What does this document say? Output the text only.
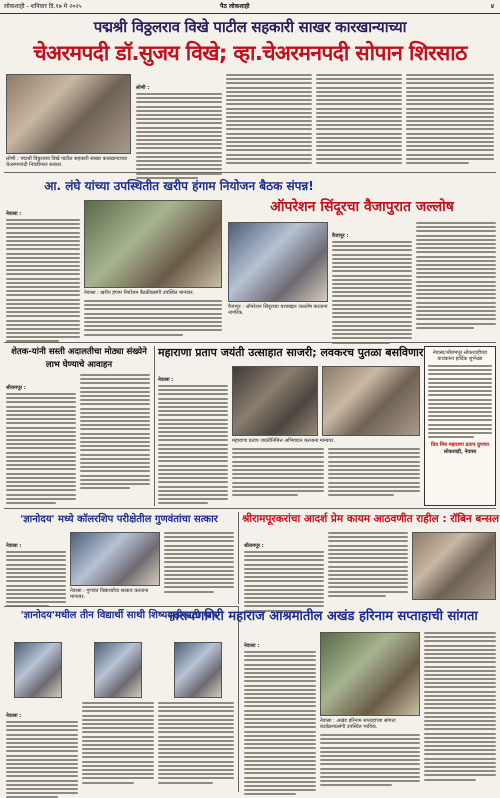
लोकशाही - शनिवार दि.१७ मे २०२५	पैठ लोकशाही	४
पद्मश्री विठ्ठलराव विखे पाटील सहकारी साखर कारखान्याच्या
चेअरमपदी डॉ.सुजय विखे; व्हा.चेअरमनपदी सोपान शिरसाठ
लोणी : पद्मश्री विठ्ठलराव विखे पाटील सहकारी साखर कारखान्याच्या चेअरमनपदी निवडीनंतर सत्कार.
लोणी :
आ. लंघे यांच्या उपस्थितीत खरीप हंगाम नियोजन बैठक संपन्न!
नेवासा :
नेवासा : खरीप हंगाम नियोजन बैठकीप्रसंगी उपस्थित मान्यवर.
ऑपरेशन सिंदूरचा वैजापुरात जल्लोष
वैजापूर : ऑपरेशन सिंदूरच्या यशाबद्दल जल्लोष करताना नागरिक.
वैजापूर :
शेतक-यांनी सस्ती अदालतीचा मोठ्या संख्येने लाभ घेण्याचे आवाहन
श्रीरामपूर :
महाराणा प्रताप जयंती उत्साहात साजरी; लवकरच पुतळा बसविणार
नेवासा :
महाराणा प्रताप जयंतीनिमित्त अभिवादन करताना मान्यवर.
नेवासा/श्रीरामपूर लोकशाहीच्या वाचकांना हार्दिक शुभेच्छा
प्रिय मित्र महाराणा प्रताप ग्रुपच्या
लोकशाही, नेवासा
'ज्ञानोदय' मध्ये कॉलरशिप परीक्षेतील गुणवंतांचा सत्कार
नेवासा :
नेवासा : गुणवंत विद्यार्थ्यांचा सत्कार करताना मान्यवर.
श्रीरामपूरकरांचा आदर्श प्रेम कायम आठवणीत राहील : रॉबिन बन्सल
श्रीरामपूर :
'ज्ञानोदय'मधील तीन विद्यार्थी साथी शिष्यवृत्तीसाठी पात्र
नेवासा :
नारायणगिरी महाराज आश्रमातील अखंड हरिनाम सप्ताहाची सांगता
नेवासा :
नेवासा : अखंड हरिनाम सप्ताहाच्या सांगता कार्यक्रमप्रसंगी उपस्थित भाविक.
